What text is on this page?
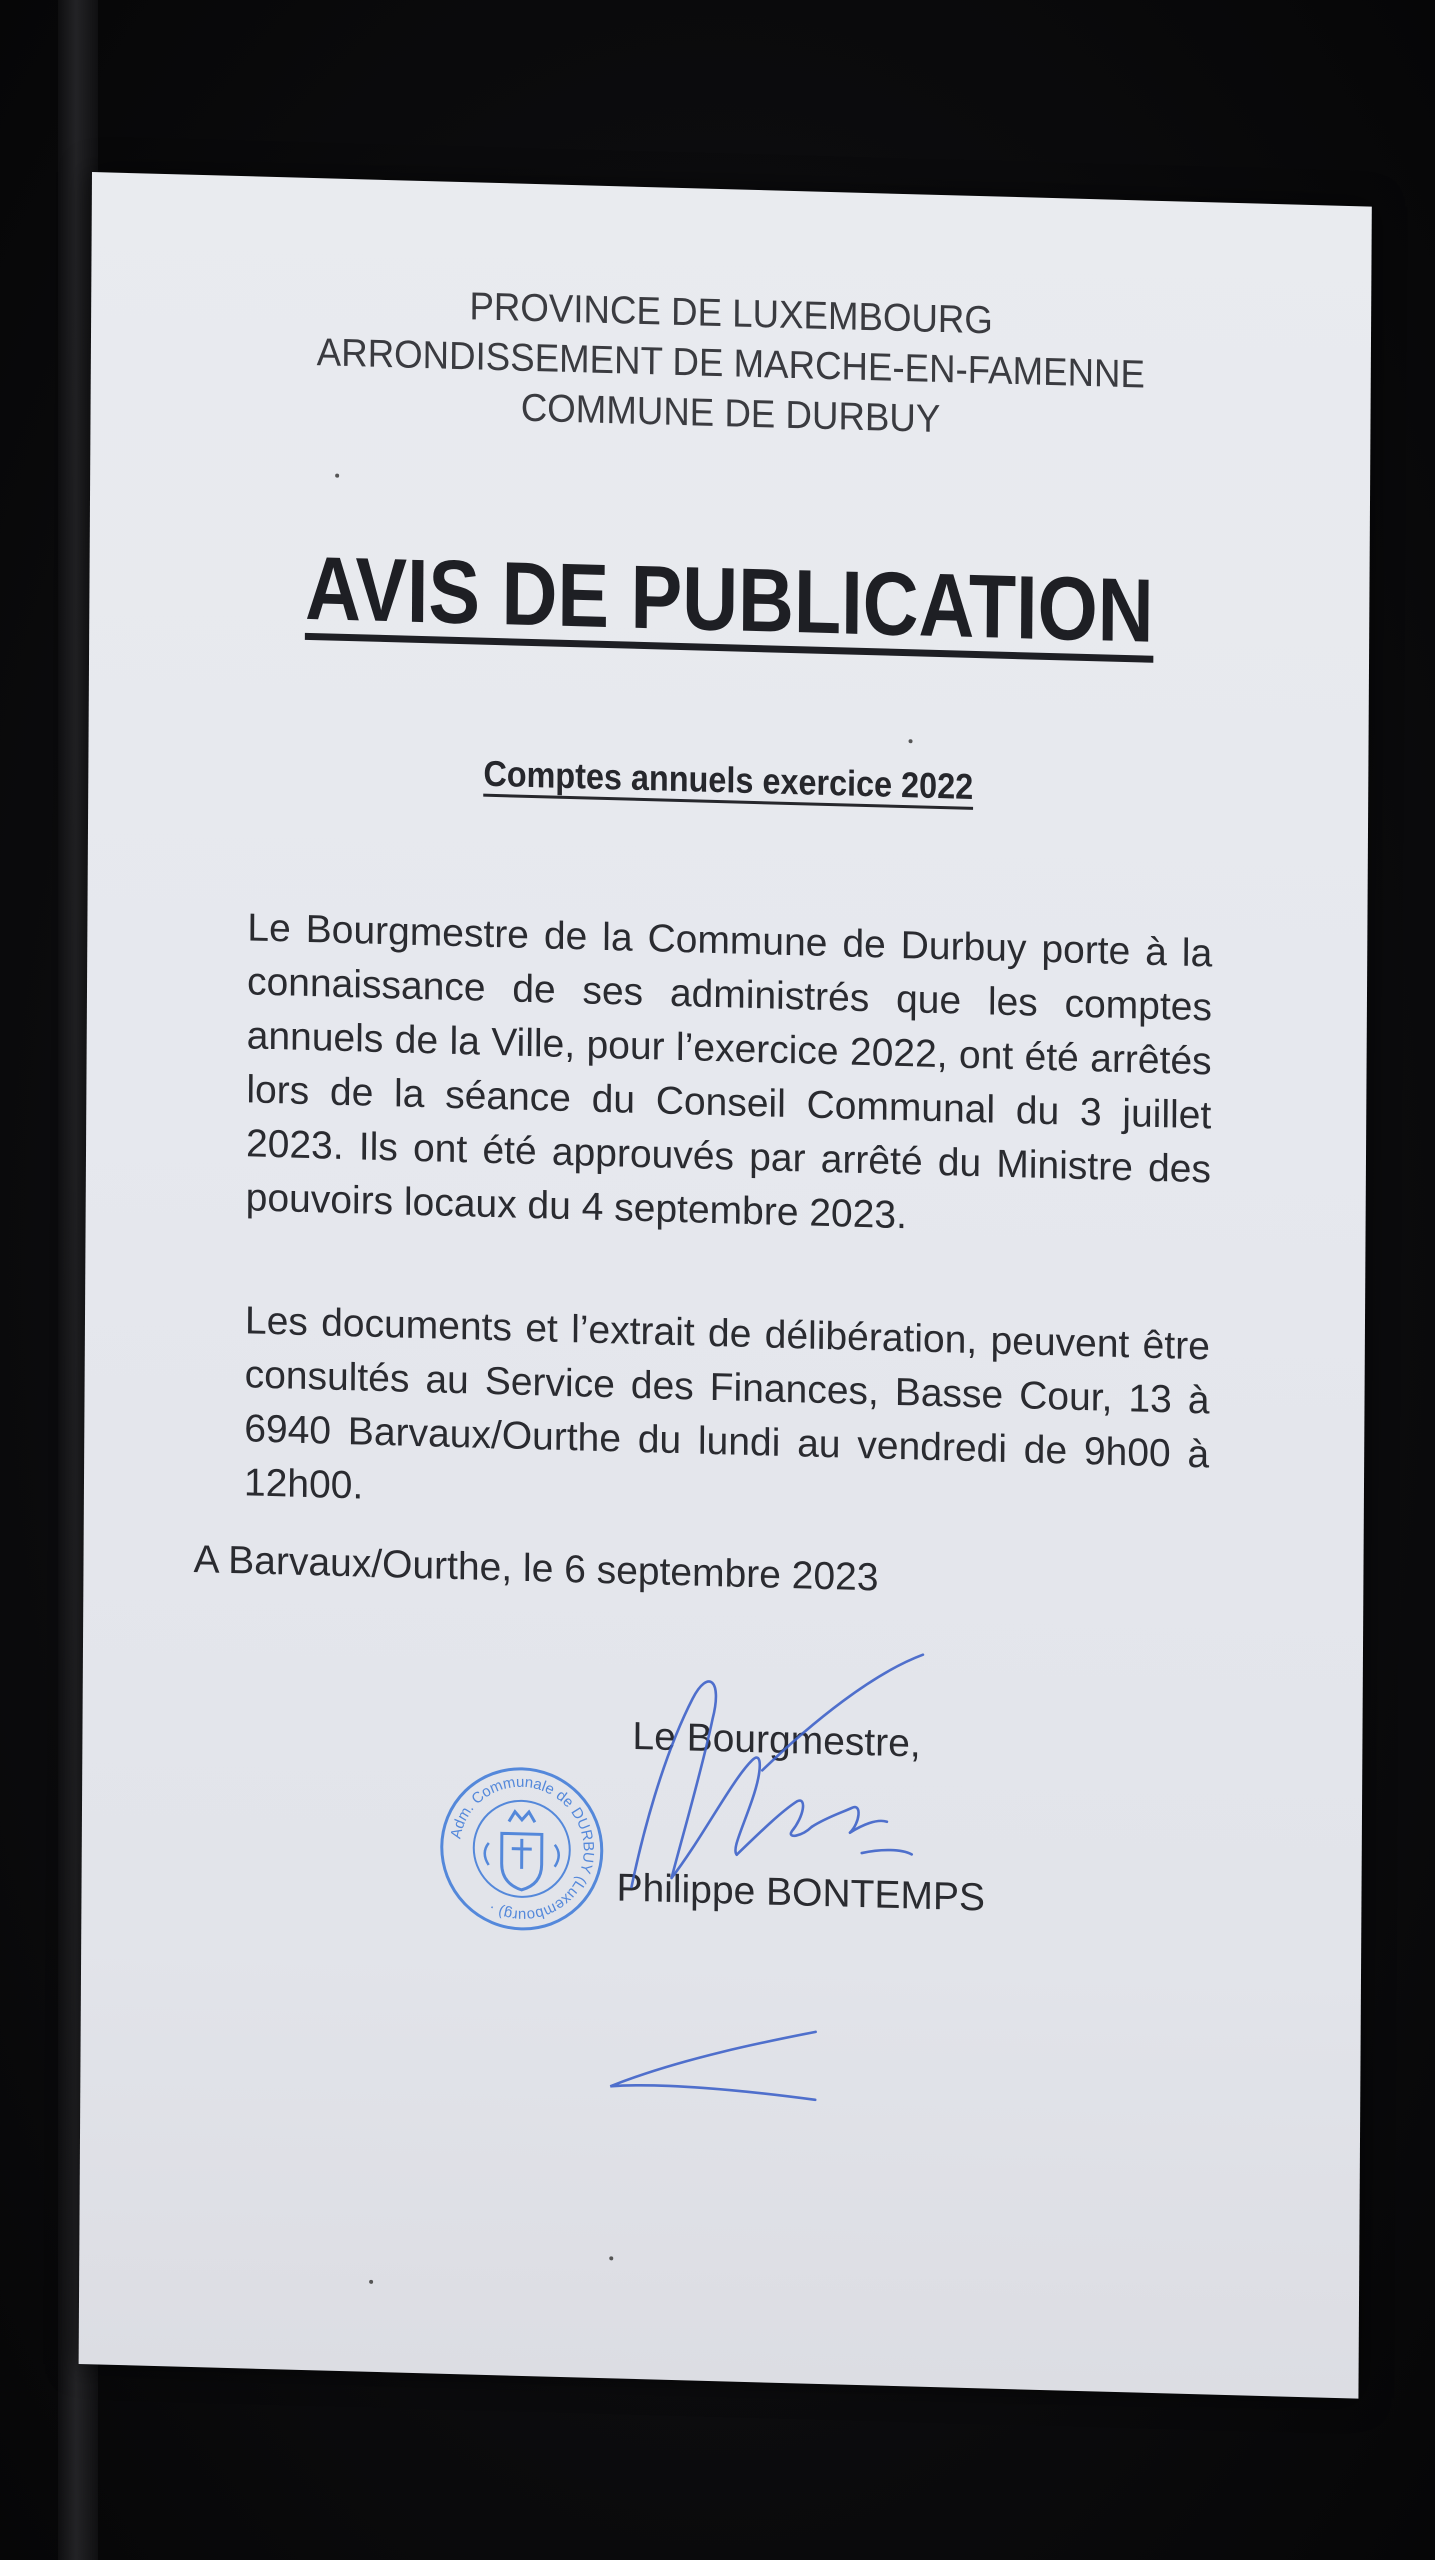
PROVINCE DE LUXEMBOURG
ARRONDISSEMENT DE MARCHE-EN-FAMENNE
COMMUNE DE DURBUY
AVIS DE PUBLICATION
Comptes annuels exercice 2022
Le Bourgmestre de la Commune de Durbuy porte à la connaissance de ses administrés que les comptes annuels de la Ville, pour l’exercice 2022, ont été arrêtés lors de la séance du Conseil Communal du 3 juillet 2023. Ils ont été approuvés par arrêté du Ministre des pouvoirs locaux du 4 septembre 2023.
Les documents et l’extrait de délibération, peuvent être consultés au Service des Finances, Basse Cour, 13 à 6940 Barvaux/Ourthe du lundi au vendredi de 9h00 à 12h00.
A Barvaux/Ourthe, le 6 septembre 2023
Adm. Communale de DURBUY (Luxembourg) ·
Le Bourgmestre,
Philippe BONTEMPS
